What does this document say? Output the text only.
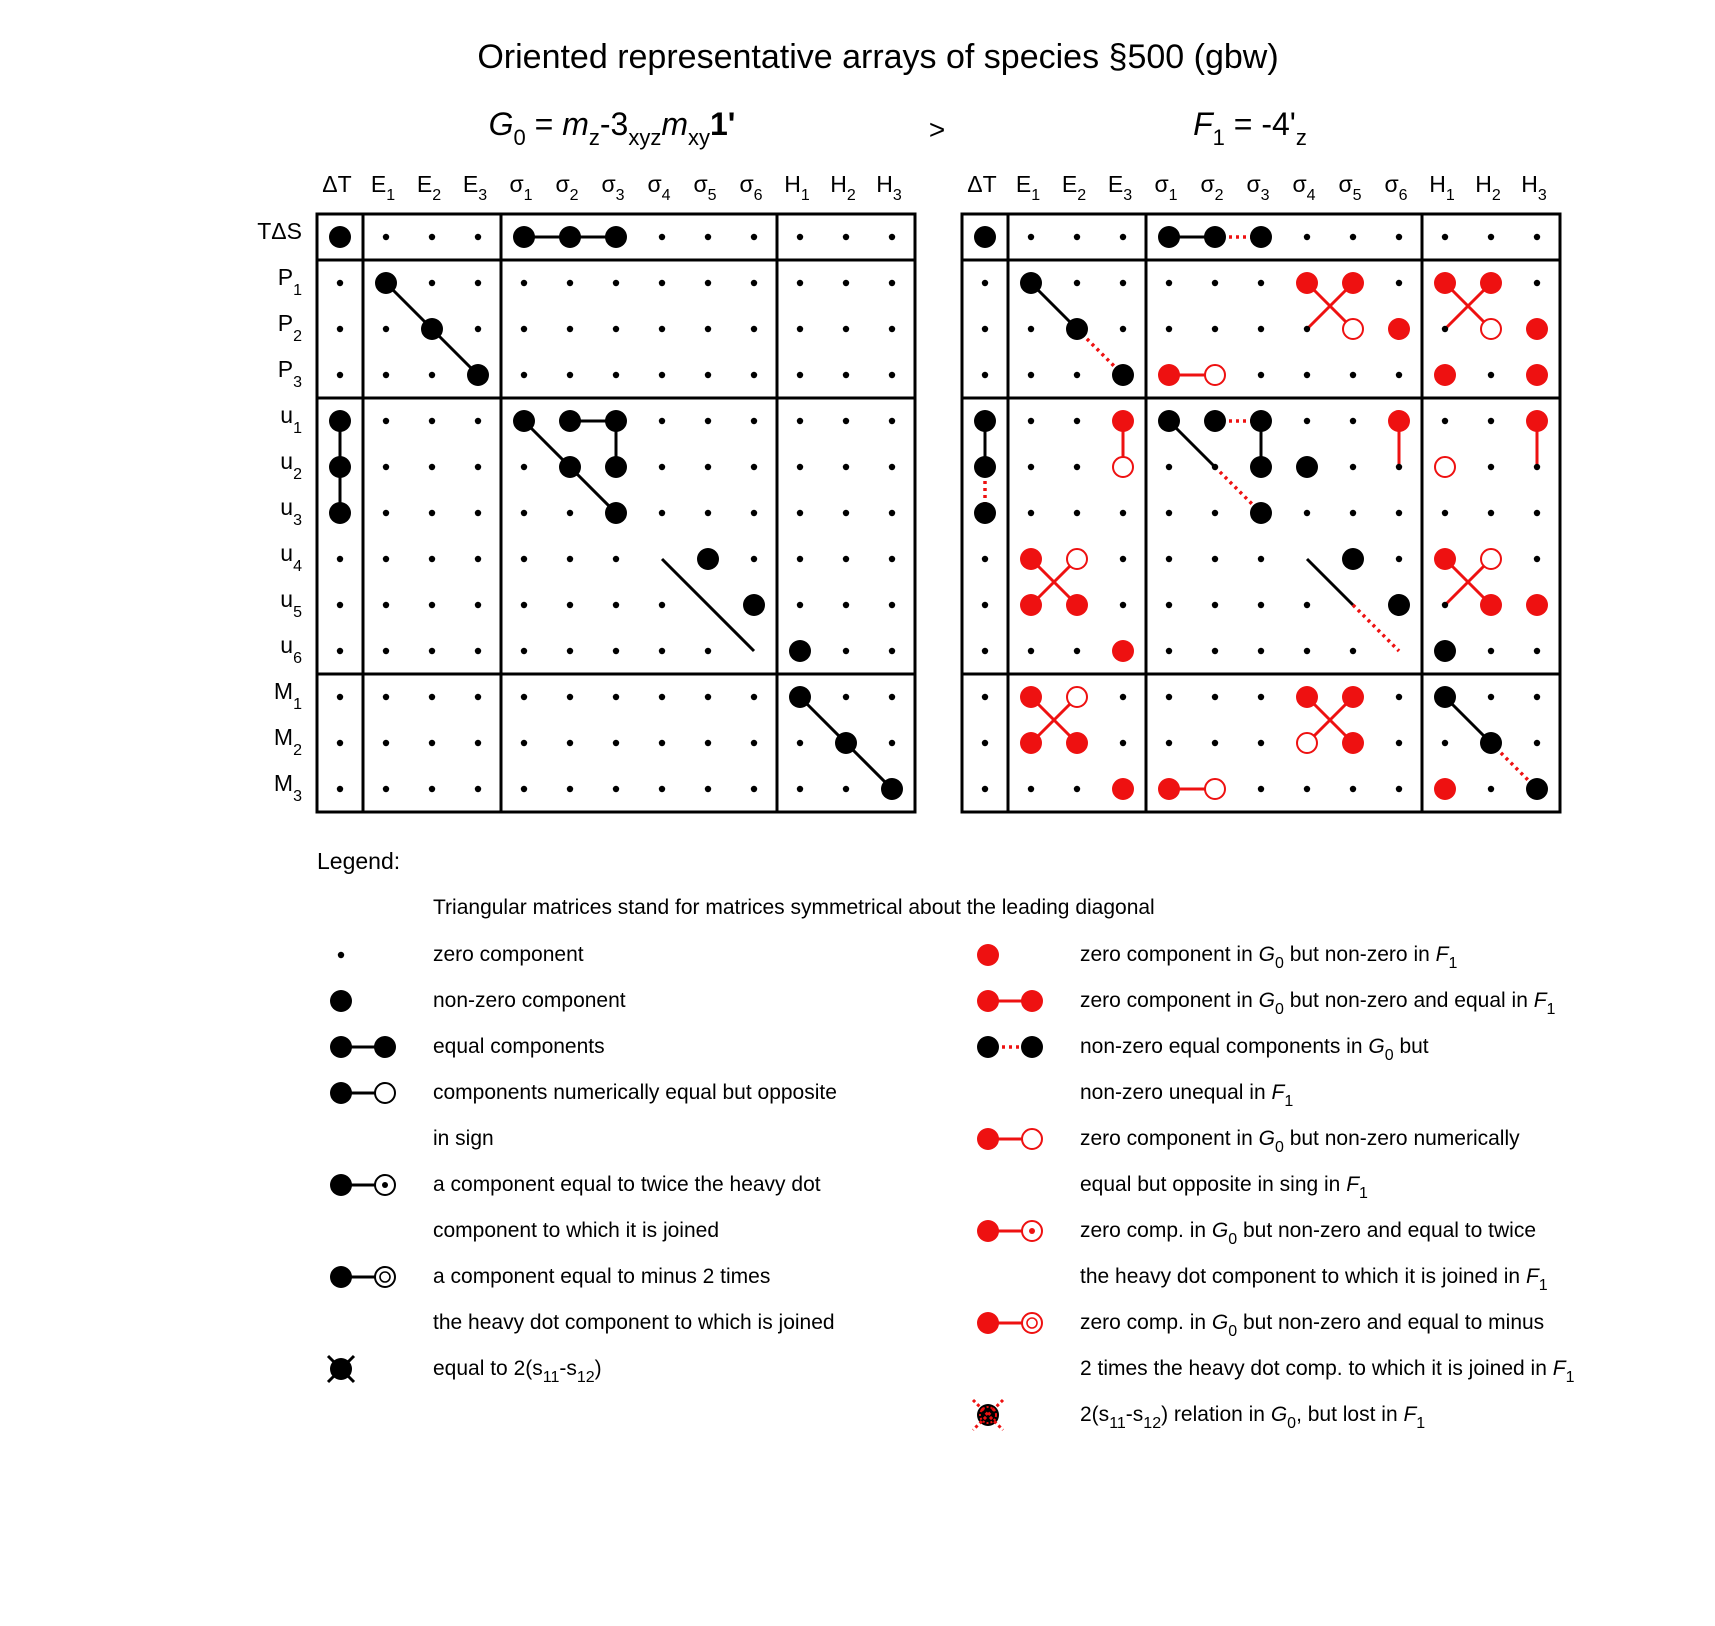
Oriented representative arrays of species §500 (gbw)
>
$G_0 = m_z-3_{xyz}m_{xy}1'$
ΔT $E_1$ $E_2$ $E_3$ $\sigma_1$ $\sigma_2$ $\sigma_3$ $\sigma_4$ $\sigma_5$ $\sigma_6$ $H_1$ $H_2$ $H_3$
TΔS
$P_1$
$P_2$
$P_3$
$u_1$
$u_2$
$u_3$
$u_4$
$u_5$
$u_6$
$M_1$
$M_2$
$M_3$
$F_1 = -4'_z$
ΔT $E_1$ $E_2$ $E_3$ $\sigma_1$ $\sigma_2$ $\sigma_3$ $\sigma_4$ $\sigma_5$ $\sigma_6$ $H_1$ $H_2$ $H_3$
Legend:
Triangular matrices stand for matrices symmetrical about the leading diagonal
zero component
non-zero component
equal components
components numerically equal but opposite
in sign
a component equal to twice the heavy dot
component to which it is joined
a component equal to minus 2 times
the heavy dot component to which is joined
equal to $2(s_{11}-s_{12})$
zero component in $G_0$ but non-zero in $F_1$
zero component in $G_0$ but non-zero and equal in $F_1$
non-zero equal components in $G_0$ but
non-zero unequal in $F_1$
zero component in $G_0$ but non-zero numerically
equal but opposite in sing in $F_1$
zero comp. in $G_0$ but non-zero and equal to twice
the heavy dot component to which it is joined in $F_1$
zero comp. in $G_0$ but non-zero and equal to minus
2 times the heavy dot comp. to which it is joined in $F_1$
$2(s_{11}-s_{12})$ relation in $G_0$, but lost in $F_1$
